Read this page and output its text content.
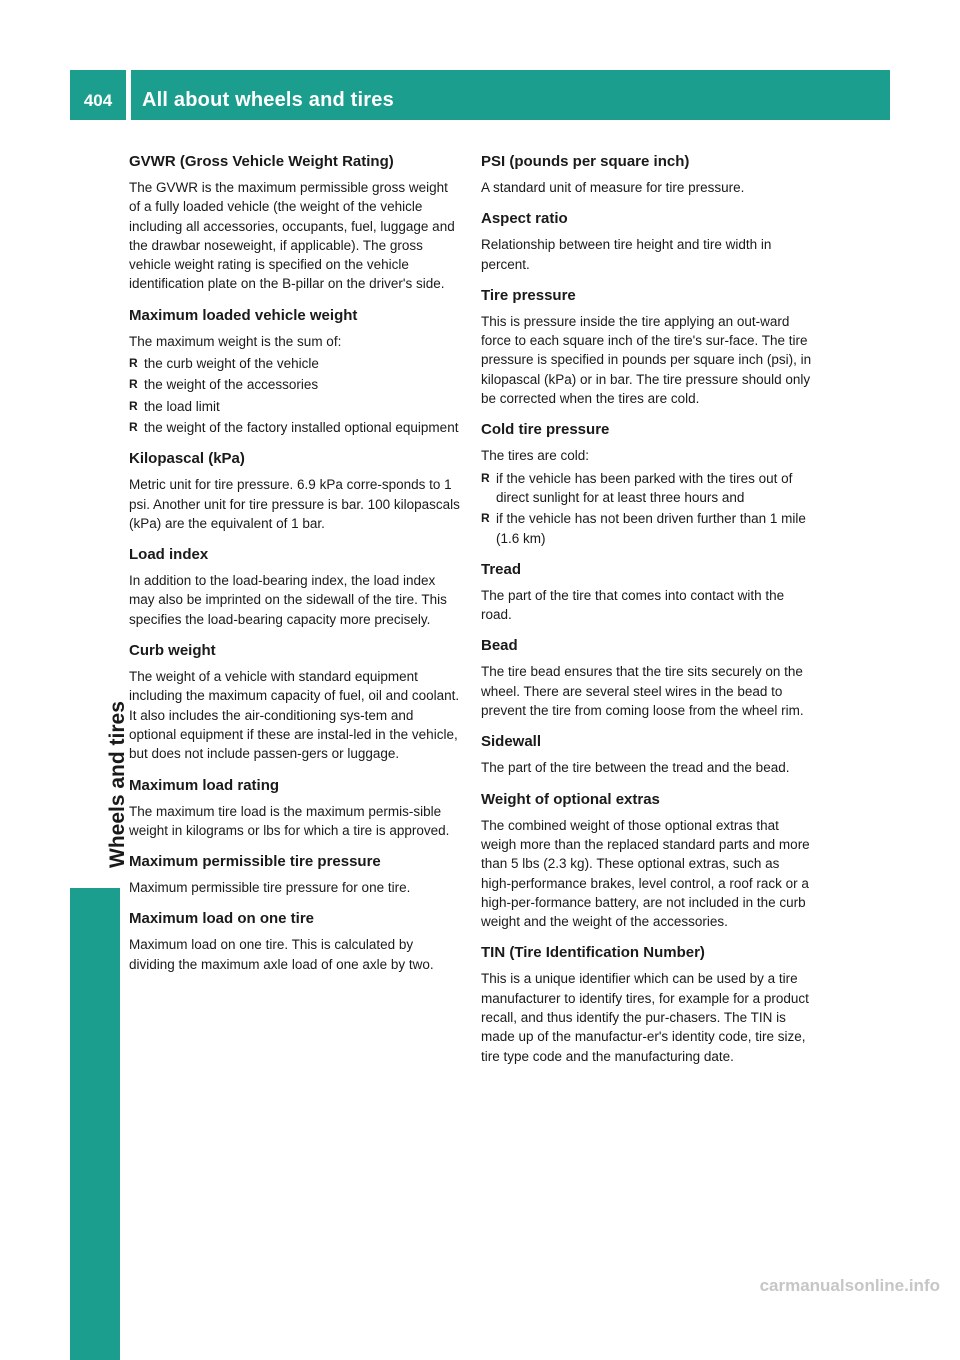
404	All about wheels and tires
Wheels and tires
GVWR (Gross Vehicle Weight Rating)

The GVWR is the maximum permissible gross weight of a fully loaded vehicle (the weight of the vehicle including all accessories, occupants, fuel, luggage and the drawbar noseweight, if applicable). The gross vehicle weight rating is specified on the vehicle identification plate on the B-pillar on the driver's side.

Maximum loaded vehicle weight

The maximum weight is the sum of:

R the curb weight of the vehicle
R the weight of the accessories
R the load limit
R the weight of the factory installed optional equipment
Kilopascal (kPa)

Metric unit for tire pressure. 6.9 kPa corre-sponds to 1 psi. Another unit for tire pressure is bar. 100 kilopascals (kPa) are the equivalent of 1 bar.

Load index

In addition to the load-bearing index, the load index may also be imprinted on the sidewall of the tire. This specifies the load-bearing capacity more precisely.

Curb weight

The weight of a vehicle with standard equipment including the maximum capacity of fuel, oil and coolant. It also includes the air-conditioning sys-tem and optional equipment if these are instal-led in the vehicle, but does not include passen-gers or luggage.

Maximum load rating

The maximum tire load is the maximum permis-sible weight in kilograms or lbs for which a tire is approved.

Maximum permissible tire pressure

Maximum permissible tire pressure for one tire.

Maximum load on one tire

Maximum load on one tire. This is calculated by dividing the maximum axle load of one axle by two.

PSI (pounds per square inch)

A standard unit of measure for tire pressure.

Aspect ratio

Relationship between tire height and tire width in percent.

Tire pressure

This is pressure inside the tire applying an out-ward force to each square inch of the tire's sur-face. The tire pressure is specified in pounds per square inch (psi), in kilopascal (kPa) or in bar. The tire pressure should only be corrected when the tires are cold.

Cold tire pressure

The tires are cold:

R if the vehicle has been parked with the tires out of direct sunlight for at least three hours and
R if the vehicle has not been driven further than 1 mile (1.6 km)
Tread

The part of the tire that comes into contact with the road.

Bead

The tire bead ensures that the tire sits securely on the wheel. There are several steel wires in the bead to prevent the tire from coming loose from the wheel rim.

Sidewall

The part of the tire between the tread and the bead.

Weight of optional extras

The combined weight of those optional extras that weigh more than the replaced standard parts and more than 5 lbs (2.3 kg). These optional extras, such as high-performance brakes, level control, a roof rack or a high-per-formance battery, are not included in the curb weight and the weight of the accessories.

TIN (Tire Identification Number)

This is a unique identifier which can be used by a tire manufacturer to identify tires, for example for a product recall, and thus identify the pur-chasers. The TIN is made up of the manufactur-er's identity code, tire size, tire type code and the manufacturing date.

carmanualsonline.info
